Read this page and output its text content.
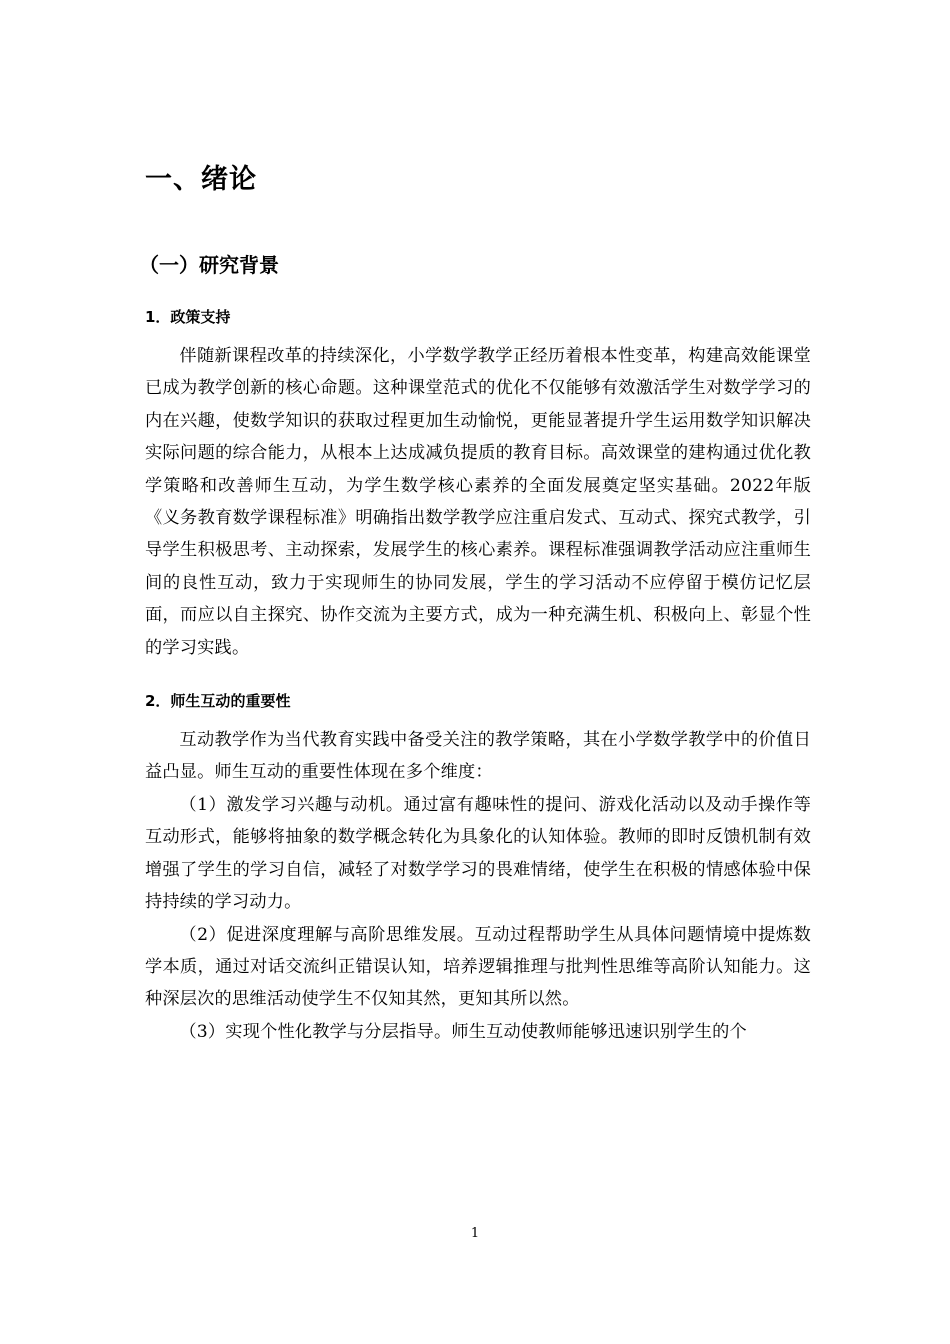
一、绪论
（一）研究背景
1．政策支持

伴随新课程改革的持续深化，小学数学教学正经历着根本性变革，构建高效能课堂已成为教学创新的核心命题。这种课堂范式的优化不仅能够有效激活学生对数学学习的内在兴趣，使数学知识的获取过程更加生动愉悦，更能显著提升学生运用数学知识解决实际问题的综合能力，从根本上达成减负提质的教育目标。高效课堂的建构通过优化教学策略和改善师生互动，为学生数学核心素养的全面发展奠定坚实基础。2022年版《义务教育数学课程标准》明确指出数学教学应注重启发式、互动式、探究式教学，引导学生积极思考、主动探索，发展学生的核心素养。课程标准强调教学活动应注重师生间的良性互动，致力于实现师生的协同发展，学生的学习活动不应停留于模仿记忆层面，而应以自主探究、协作交流为主要方式，成为一种充满生机、积极向上、彰显个性的学习实践。

2．师生互动的重要性

互动教学作为当代教育实践中备受关注的教学策略，其在小学数学教学中的价值日益凸显。师生互动的重要性体现在多个维度：

（1）激发学习兴趣与动机。通过富有趣味性的提问、游戏化活动以及动手操作等互动形式，能够将抽象的数学概念转化为具象化的认知体验。教师的即时反馈机制有效增强了学生的学习自信，减轻了对数学学习的畏难情绪，使学生在积极的情感体验中保持持续的学习动力。

（2）促进深度理解与高阶思维发展。互动过程帮助学生从具体问题情境中提炼数学本质，通过对话交流纠正错误认知，培养逻辑推理与批判性思维等高阶认知能力。这种深层次的思维活动使学生不仅知其然，更知其所以然。

（3）实现个性化教学与分层指导。师生互动使教师能够迅速识别学生的个

1
